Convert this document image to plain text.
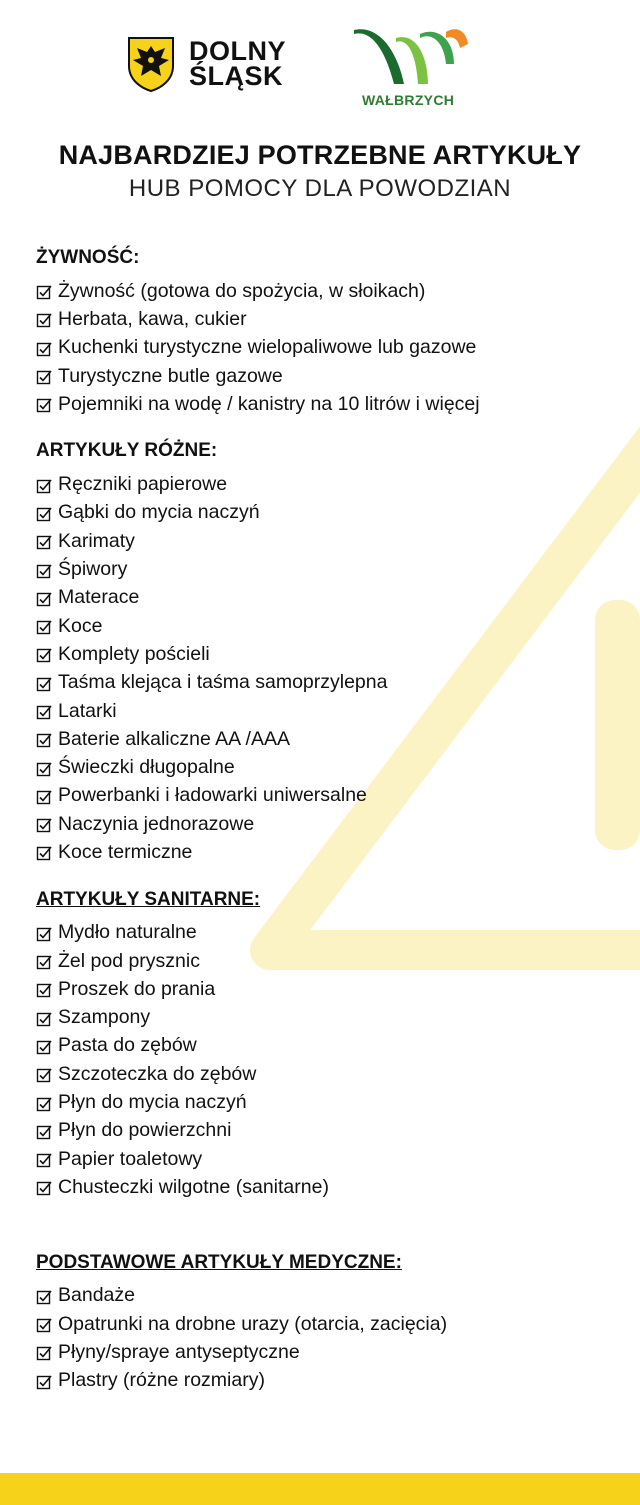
DOLNY
ŚLĄSK
WAŁBRZYCH
NAJBARDZIEJ POTRZEBNE ARTYKUŁY
HUB POMOCY DLA POWODZIAN
ŻYWNOŚĆ:
Żywność (gotowa do spożycia, w słoikach)
Herbata, kawa, cukier
Kuchenki turystyczne wielopaliwowe lub gazowe
Turystyczne butle gazowe
Pojemniki na wodę / kanistry na 10 litrów i więcej
ARTYKUŁY RÓŻNE:
Ręczniki papierowe
Gąbki do mycia naczyń
Karimaty
Śpiwory
Materace
Koce
Komplety pościeli
Taśma klejąca i taśma samoprzylepna
Latarki
Baterie alkaliczne AA /AAA
Świeczki długopalne
Powerbanki i ładowarki uniwersalne
Naczynia jednorazowe
Koce termiczne
ARTYKUŁY SANITARNE:
Mydło naturalne
Żel pod prysznic
Proszek do prania
Szampony
Pasta do zębów
Szczoteczka do zębów
Płyn do mycia naczyń
Płyn do powierzchni
Papier toaletowy
Chusteczki wilgotne (sanitarne)
PODSTAWOWE ARTYKUŁY MEDYCZNE:
Bandaże
Opatrunki na drobne urazy (otarcia, zacięcia)
Płyny/spraye antyseptyczne
Plastry (różne rozmiary)
